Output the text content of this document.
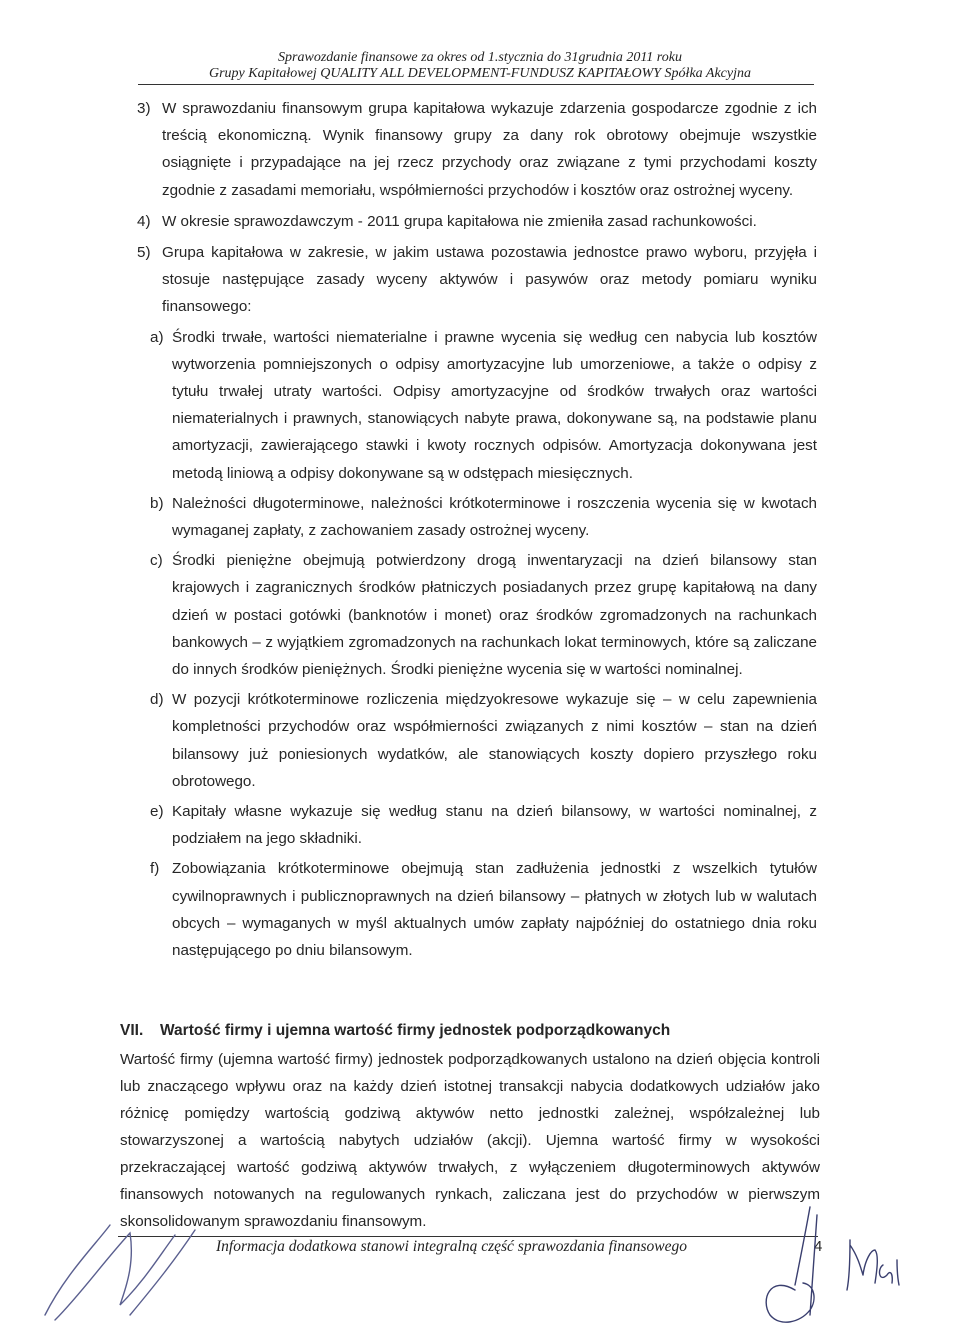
Sprawozdanie finansowe za okres od 1.stycznia do 31grudnia 2011 roku
Grupy Kapitałowej QUALITY ALL DEVELOPMENT-FUNDUSZ KAPITAŁOWY Spółka Akcyjna
3) W sprawozdaniu finansowym grupa kapitałowa wykazuje zdarzenia gospodarcze zgodnie z ich treścią ekonomiczną. Wynik finansowy grupy za dany rok obrotowy obejmuje wszystkie osiągnięte i przypadające na jej rzecz przychody oraz związane z tymi przychodami koszty zgodnie z zasadami memoriału, współmierności przychodów i kosztów oraz ostrożnej wyceny.
4) W okresie sprawozdawczym - 2011 grupa kapitałowa nie zmieniła zasad rachunkowości.
5) Grupa kapitałowa w zakresie, w jakim ustawa pozostawia jednostce prawo wyboru, przyjęła i stosuje następujące zasady wyceny aktywów i pasywów oraz metody pomiaru wyniku finansowego:
a) Środki trwałe, wartości niematerialne i prawne wycenia się według cen nabycia lub kosztów wytworzenia pomniejszonych o odpisy amortyzacyjne lub umorzeniowe, a także o odpisy z tytułu trwałej utraty wartości. Odpisy amortyzacyjne od środków trwałych oraz wartości niematerialnych i prawnych, stanowiących nabyte prawa, dokonywane są, na podstawie planu amortyzacji, zawierającego stawki i kwoty rocznych odpisów. Amortyzacja dokonywana jest metodą liniową a odpisy dokonywane są w odstępach miesięcznych.
b) Należności długoterminowe, należności krótkoterminowe i roszczenia wycenia się w kwotach wymaganej zapłaty, z zachowaniem zasady ostrożnej wyceny.
c) Środki pieniężne obejmują potwierdzony drogą inwentaryzacji na dzień bilansowy stan krajowych i zagranicznych środków płatniczych posiadanych przez grupę kapitałową na dany dzień w postaci gotówki (banknotów i monet) oraz środków zgromadzonych na rachunkach bankowych – z wyjątkiem zgromadzonych na rachunkach lokat terminowych, które są zaliczane do innych środków pieniężnych. Środki pieniężne wycenia się w wartości nominalnej.
d) W pozycji krótkoterminowe rozliczenia międzyokresowe wykazuje się – w celu zapewnienia kompletności przychodów oraz współmierności związanych z nimi kosztów – stan na dzień bilansowy już poniesionych wydatków, ale stanowiących koszty dopiero przyszłego roku obrotowego.
e) Kapitały własne wykazuje się według stanu na dzień bilansowy, w wartości nominalnej, z podziałem na jego składniki.
f) Zobowiązania krótkoterminowe obejmują stan zadłużenia jednostki z wszelkich tytułów cywilnoprawnych i publicznoprawnych na dzień bilansowy – płatnych w złotych lub w walutach obcych – wymaganych w myśl aktualnych umów zapłaty najpóźniej do ostatniego dnia roku następującego po dniu bilansowym.
VII. Wartość firmy i ujemna wartość firmy jednostek podporządkowanych
Wartość firmy (ujemna wartość firmy) jednostek podporządkowanych ustalono na dzień objęcia kontroli lub znaczącego wpływu oraz na każdy dzień istotnej transakcji nabycia dodatkowych udziałów jako różnicę pomiędzy wartością godziwą aktywów netto jednostki zależnej, współzależnej lub stowarzyszonej a wartością nabytych udziałów (akcji). Ujemna wartość firmy w wysokości przekraczającej wartość godziwą aktywów trwałych, z wyłączeniem długoterminowych aktywów finansowych notowanych na regulowanych rynkach, zaliczana jest do przychodów w pierwszym skonsolidowanym sprawozdaniu finansowym.
Informacja dodatkowa stanowi integralną część sprawozdania finansowego	4
